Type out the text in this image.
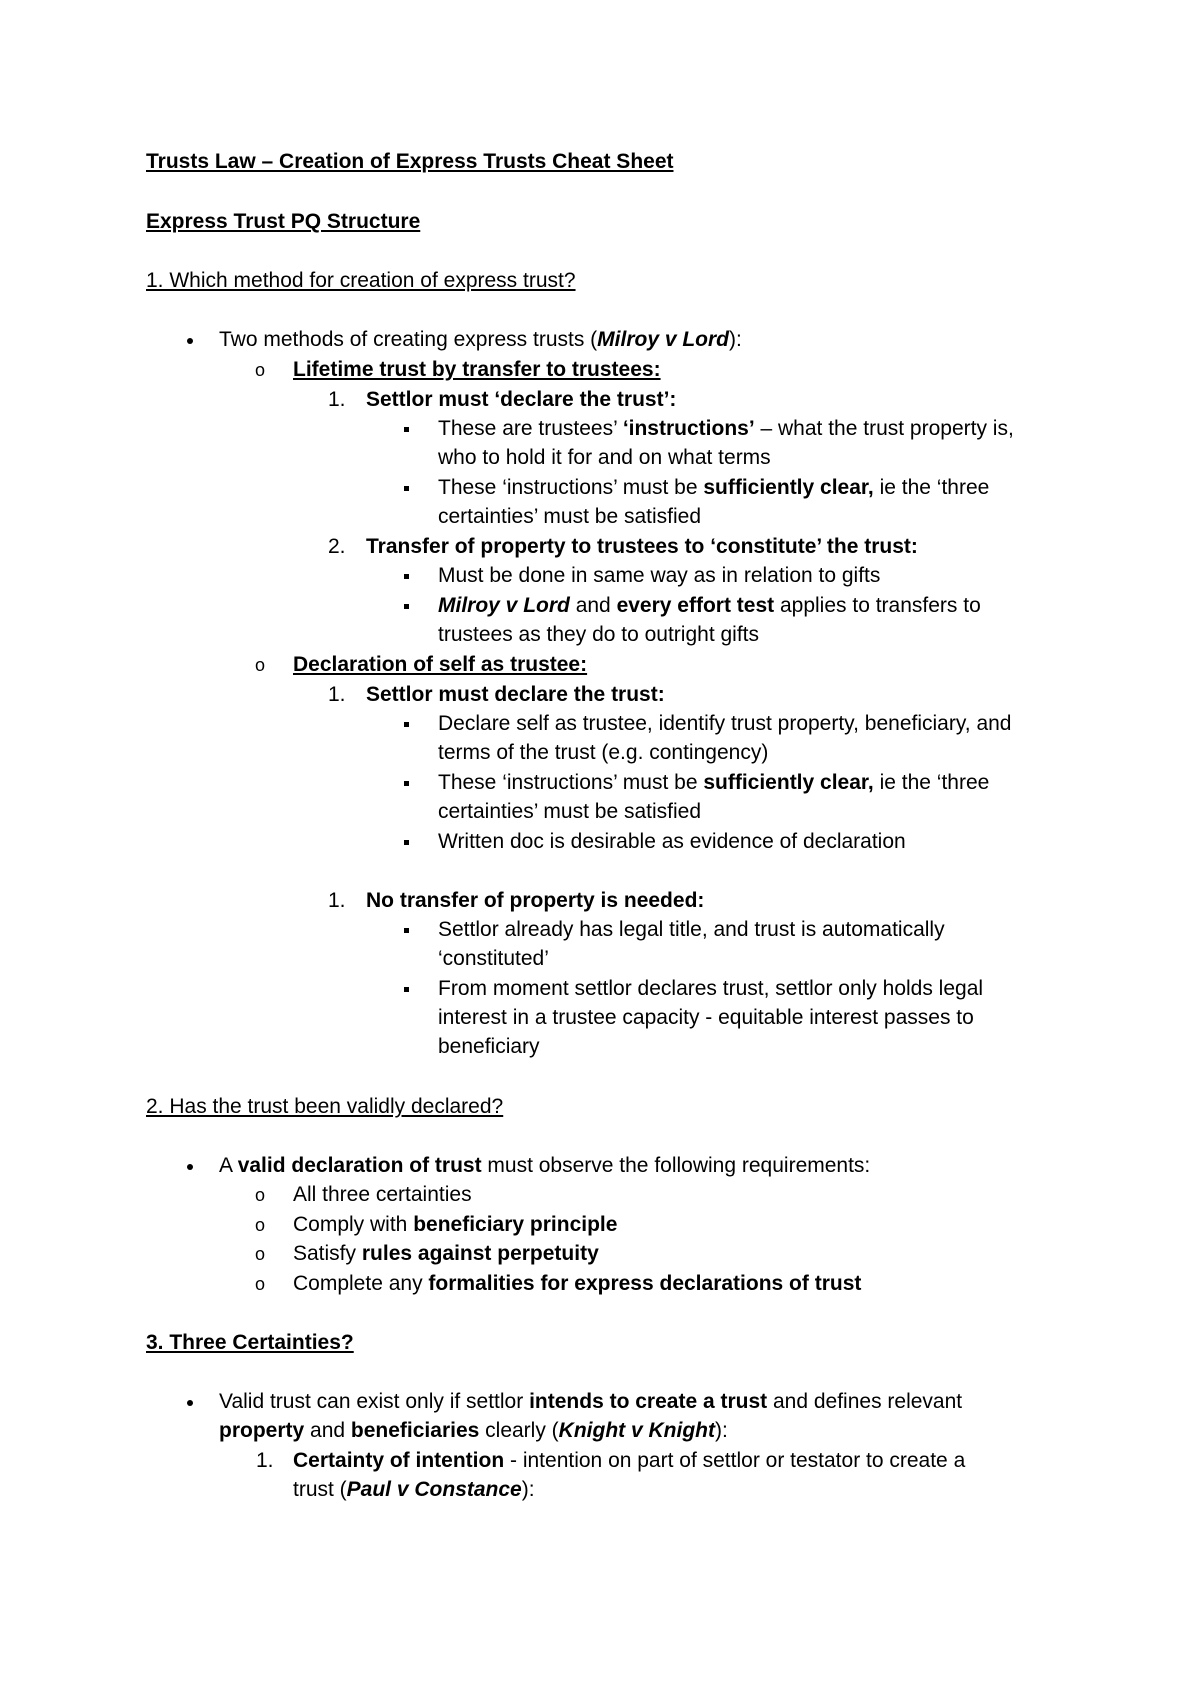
Trusts Law – Creation of Express Trusts Cheat Sheet
Express Trust PQ Structure
1. Which method for creation of express trust?
Two methods of creating express trusts (Milroy v Lord):
o Lifetime trust by transfer to trustees:
1. Settlor must ‘declare the trust’:
These are trustees’ ‘instructions’ – what the trust property is,
who to hold it for and on what terms
These ‘instructions’ must be sufficiently clear, ie the ‘three
certainties’ must be satisfied
2. Transfer of property to trustees to ‘constitute’ the trust:
Must be done in same way as in relation to gifts
Milroy v Lord and every effort test applies to transfers to
trustees as they do to outright gifts
o Declaration of self as trustee:
1. Settlor must declare the trust:
Declare self as trustee, identify trust property, beneficiary, and
terms of the trust (e.g. contingency)
These ‘instructions’ must be sufficiently clear, ie the ‘three
certainties’ must be satisfied
Written doc is desirable as evidence of declaration
1. No transfer of property is needed:
Settlor already has legal title, and trust is automatically
‘constituted’
From moment settlor declares trust, settlor only holds legal
interest in a trustee capacity - equitable interest passes to
beneficiary
2. Has the trust been validly declared?
A valid declaration of trust must observe the following requirements:
o All three certainties
o Comply with beneficiary principle
o Satisfy rules against perpetuity
o Complete any formalities for express declarations of trust
3. Three Certainties?
Valid trust can exist only if settlor intends to create a trust and defines relevant
property and beneficiaries clearly (Knight v Knight):
1. Certainty of intention - intention on part of settlor or testator to create a
trust (Paul v Constance):
